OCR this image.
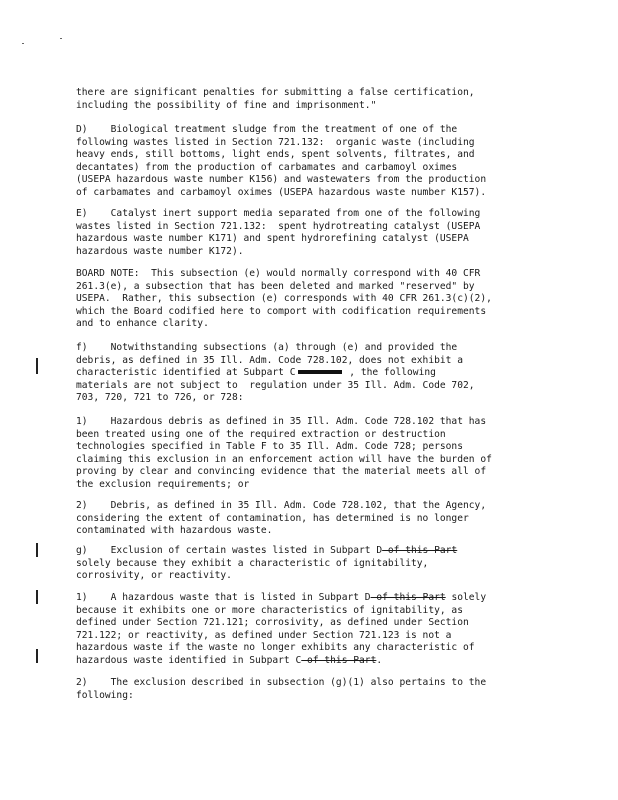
there are significant penalties for submitting a false certification,
including the possibility of fine and imprisonment."
D)    Biological treatment sludge from the treatment of one of the
following wastes listed in Section 721.132:  organic waste (including
heavy ends, still bottoms, light ends, spent solvents, filtrates, and
decantates) from the production of carbamates and carbamoyl oximes
(USEPA hazardous waste number K156) and wastewaters from the production
of carbamates and carbamoyl oximes (USEPA hazardous waste number K157).
E)    Catalyst inert support media separated from one of the following
wastes listed in Section 721.132:  spent hydrotreating catalyst (USEPA
hazardous waste number K171) and spent hydrorefining catalyst (USEPA
hazardous waste number K172).
BOARD NOTE:  This subsection (e) would normally correspond with 40 CFR
261.3(e), a subsection that has been deleted and marked "reserved" by
USEPA.  Rather, this subsection (e) corresponds with 40 CFR 261.3(c)(2),
which the Board codified here to comport with codification requirements
and to enhance clarity.
f)    Notwithstanding subsections (a) through (e) and provided the
debris, as defined in 35 Ill. Adm. Code 728.102, does not exhibit a
characteristic identified at Subpart C	, the following
materials are not subject to  regulation under 35 Ill. Adm. Code 702,
703, 720, 721 to 726, or 728:
1)    Hazardous debris as defined in 35 Ill. Adm. Code 728.102 that has
been treated using one of the required extraction or destruction
technologies specified in Table F to 35 Ill. Adm. Code 728; persons
claiming this exclusion in an enforcement action will have the burden of
proving by clear and convincing evidence that the material meets all of
the exclusion requirements; or
2)    Debris, as defined in 35 Ill. Adm. Code 728.102, that the Agency,
considering the extent of contamination, has determined is no longer
contaminated with hazardous waste.
g)    Exclusion of certain wastes listed in Subpart D of this Part
solely because they exhibit a characteristic of ignitability,
corrosivity, or reactivity.
1)    A hazardous waste that is listed in Subpart D of this Part solely
because it exhibits one or more characteristics of ignitability, as
defined under Section 721.121; corrosivity, as defined under Section
721.122; or reactivity, as defined under Section 721.123 is not a
hazardous waste if the waste no longer exhibits any characteristic of
hazardous waste identified in Subpart C of this Part.
2)    The exclusion described in subsection (g)(1) also pertains to the
following:
